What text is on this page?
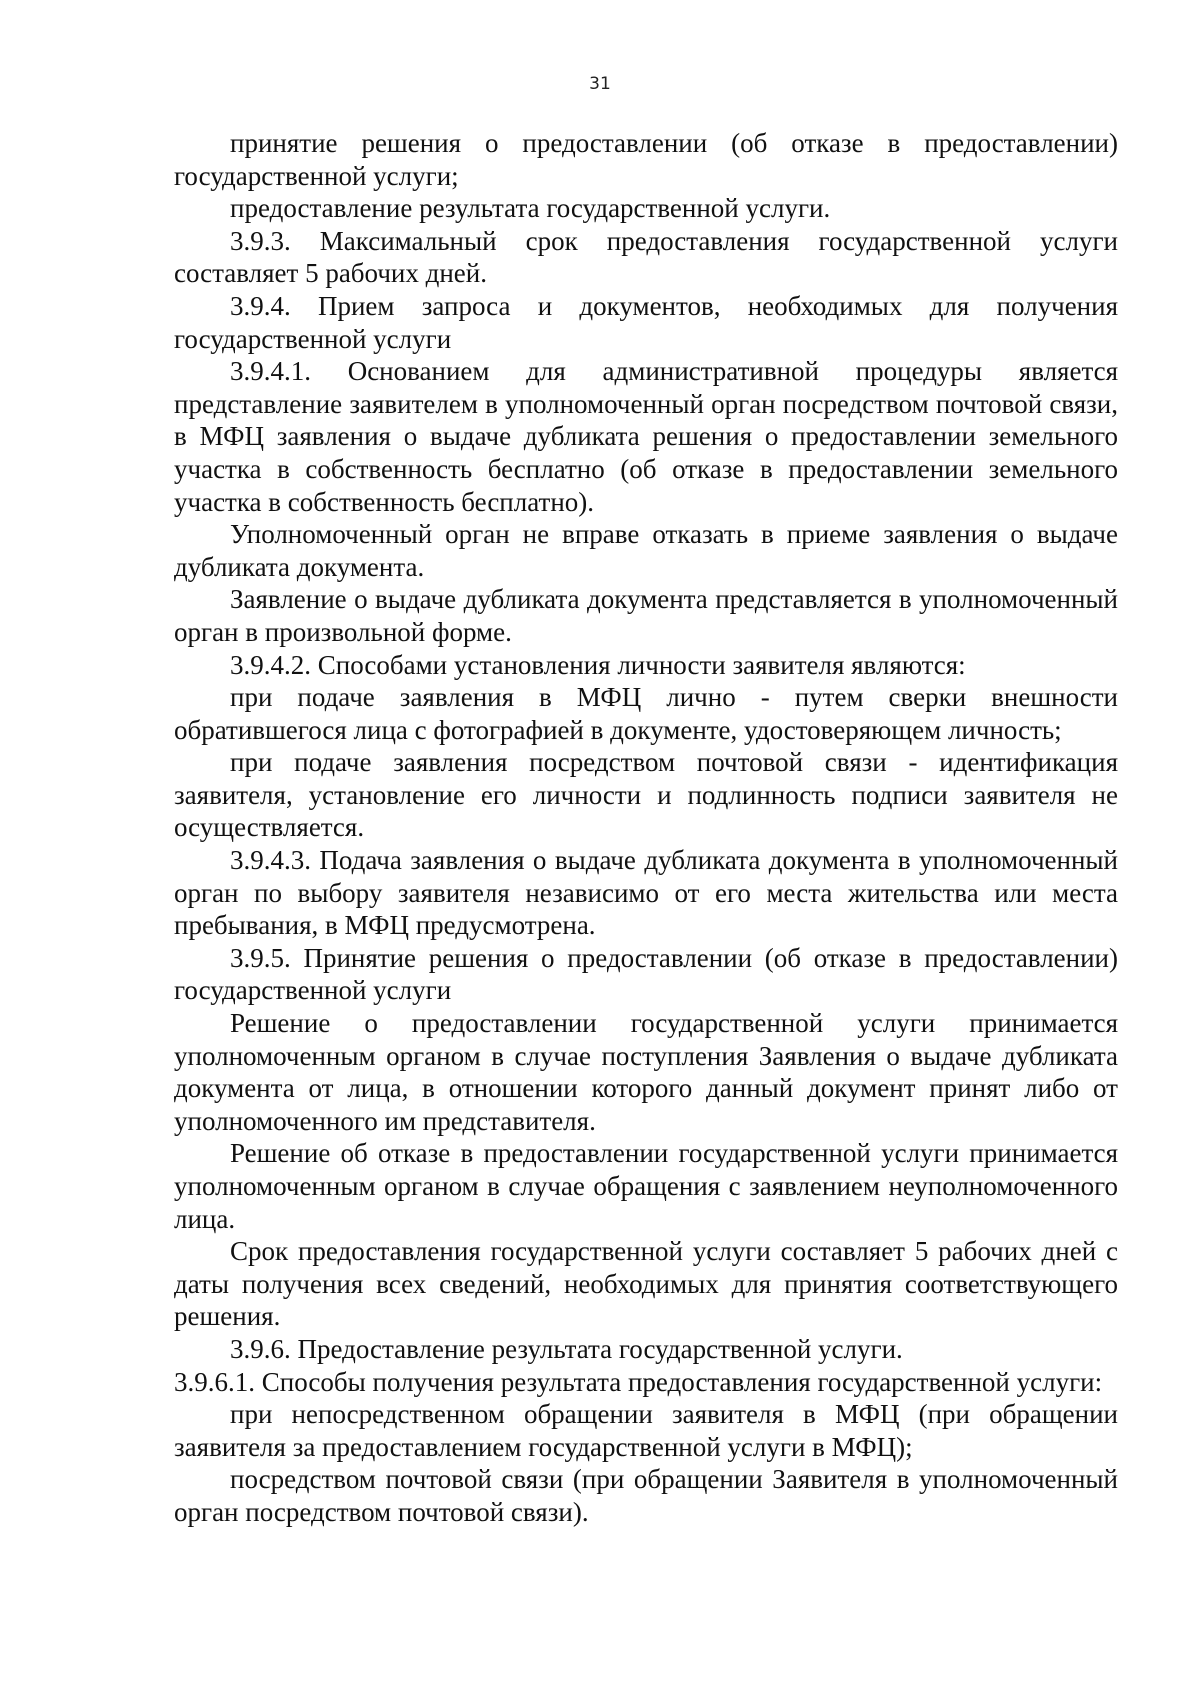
31

принятие решения о предоставлении (об отказе в предоставлении) государственной услуги;

предоставление результата государственной услуги.

3.9.3. Максимальный срок предоставления государственной услуги составляет 5 рабочих дней.

3.9.4. Прием запроса и документов, необходимых для получения государственной услуги

3.9.4.1. Основанием для административной процедуры является представление заявителем в уполномоченный орган посредством почтовой связи, в МФЦ заявления о выдаче дубликата решения о предоставлении земельного участка в собственность бесплатно (об отказе в предоставлении земельного участка в собственность бесплатно).

Уполномоченный орган не вправе отказать в приеме заявления о выдаче дубликата документа.

Заявление о выдаче дубликата документа представляется в уполномоченный орган в произвольной форме.

3.9.4.2. Способами установления личности заявителя являются:

при подаче заявления в МФЦ лично - путем сверки внешности обратившегося лица с фотографией в документе, удостоверяющем личность;

при подаче заявления посредством почтовой связи - идентификация заявителя, установление его личности и подлинность подписи заявителя не осуществляется.

3.9.4.3. Подача заявления о выдаче дубликата документа в уполномоченный орган по выбору заявителя независимо от его места жительства или места пребывания, в МФЦ предусмотрена.

3.9.5. Принятие решения о предоставлении (об отказе в предоставлении) государственной услуги

Решение о предоставлении государственной услуги принимается уполномоченным органом в случае поступления Заявления о выдаче дубликата документа от лица, в отношении которого данный документ принят либо от уполномоченного им представителя.

Решение об отказе в предоставлении государственной услуги принимается уполномоченным органом в случае обращения с заявлением неуполномоченного лица.

Срок предоставления государственной услуги составляет 5 рабочих дней с даты получения всех сведений, необходимых для принятия соответствующего решения.

3.9.6. Предоставление результата государственной услуги.

3.9.6.1. Способы получения результата предоставления государственной услуги:

при непосредственном обращении заявителя в МФЦ (при обращении заявителя за предоставлением государственной услуги в МФЦ);

посредством почтовой связи (при обращении Заявителя в уполномоченный орган посредством почтовой связи).
